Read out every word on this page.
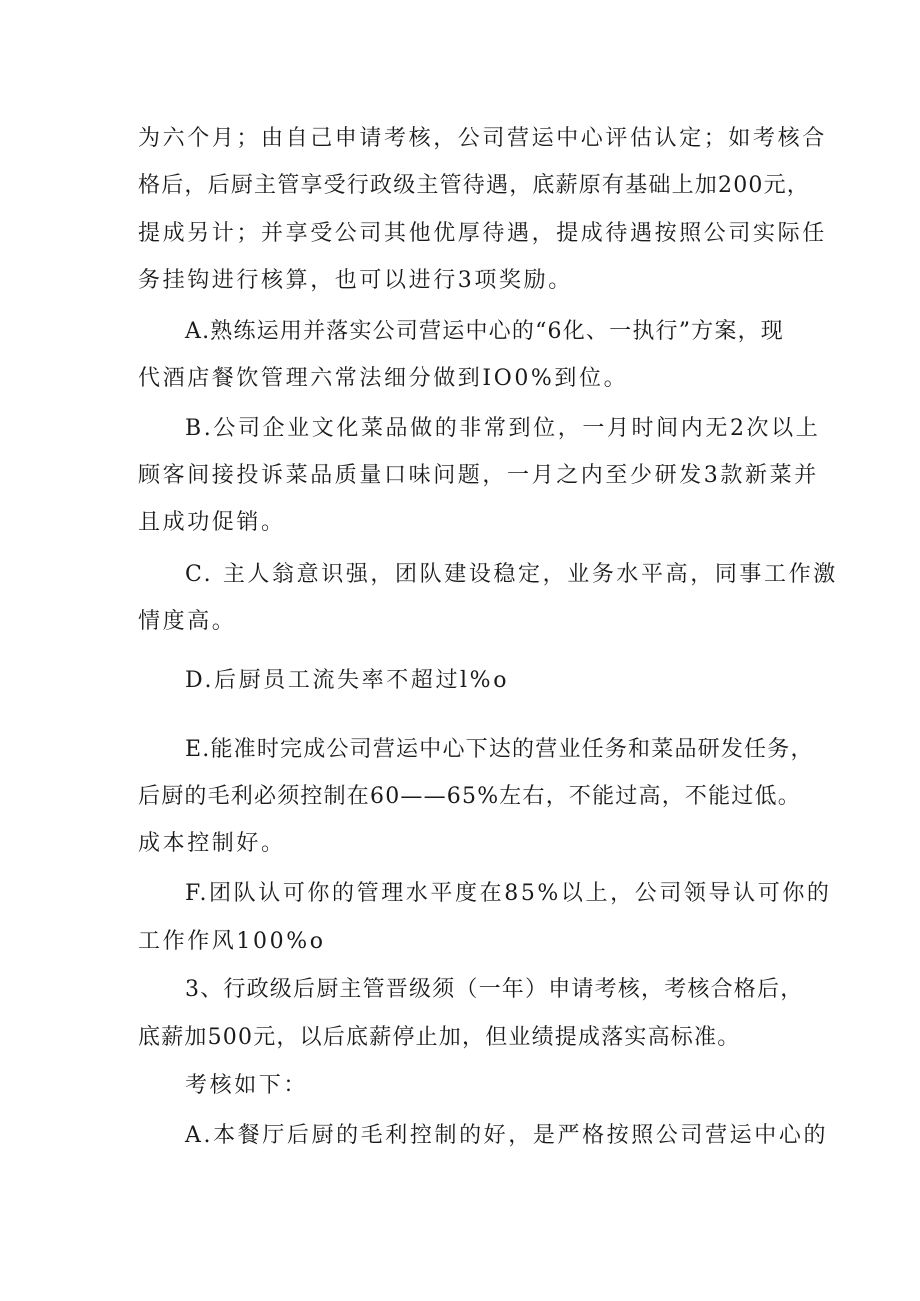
为六个月；由自己申请考核，公司营运中心评估认定；如考核合
格后，后厨主管享受行政级主管待遇，底薪原有基础上加200元，
提成另计；并享受公司其他优厚待遇，提成待遇按照公司实际任
务挂钩进行核算，也可以进行3项奖励。
A.熟练运用并落实公司营运中心的“6化、一执行”方案，现
代酒店餐饮管理六常法细分做到IO0%到位。
B.公司企业文化菜品做的非常到位，一月时间内无2次以上
顾客间接投诉菜品质量口味问题，一月之内至少研发3款新菜并
且成功促销。
C. 主人翁意识强，团队建设稳定，业务水平高，同事工作激
情度高。
D.后厨员工流失率不超过l%o
E.能准时完成公司营运中心下达的营业任务和菜品研发任务，
后厨的毛利必须控制在60——65%左右，不能过高，不能过低。
成本控制好。
F.团队认可你的管理水平度在85%以上，公司领导认可你的
工作作风100%o
3、行政级后厨主管晋级须（一年）申请考核，考核合格后，
底薪加500元，以后底薪停止加，但业绩提成落实高标准。
考核如下：
A.本餐厅后厨的毛利控制的好，是严格按照公司营运中心的
